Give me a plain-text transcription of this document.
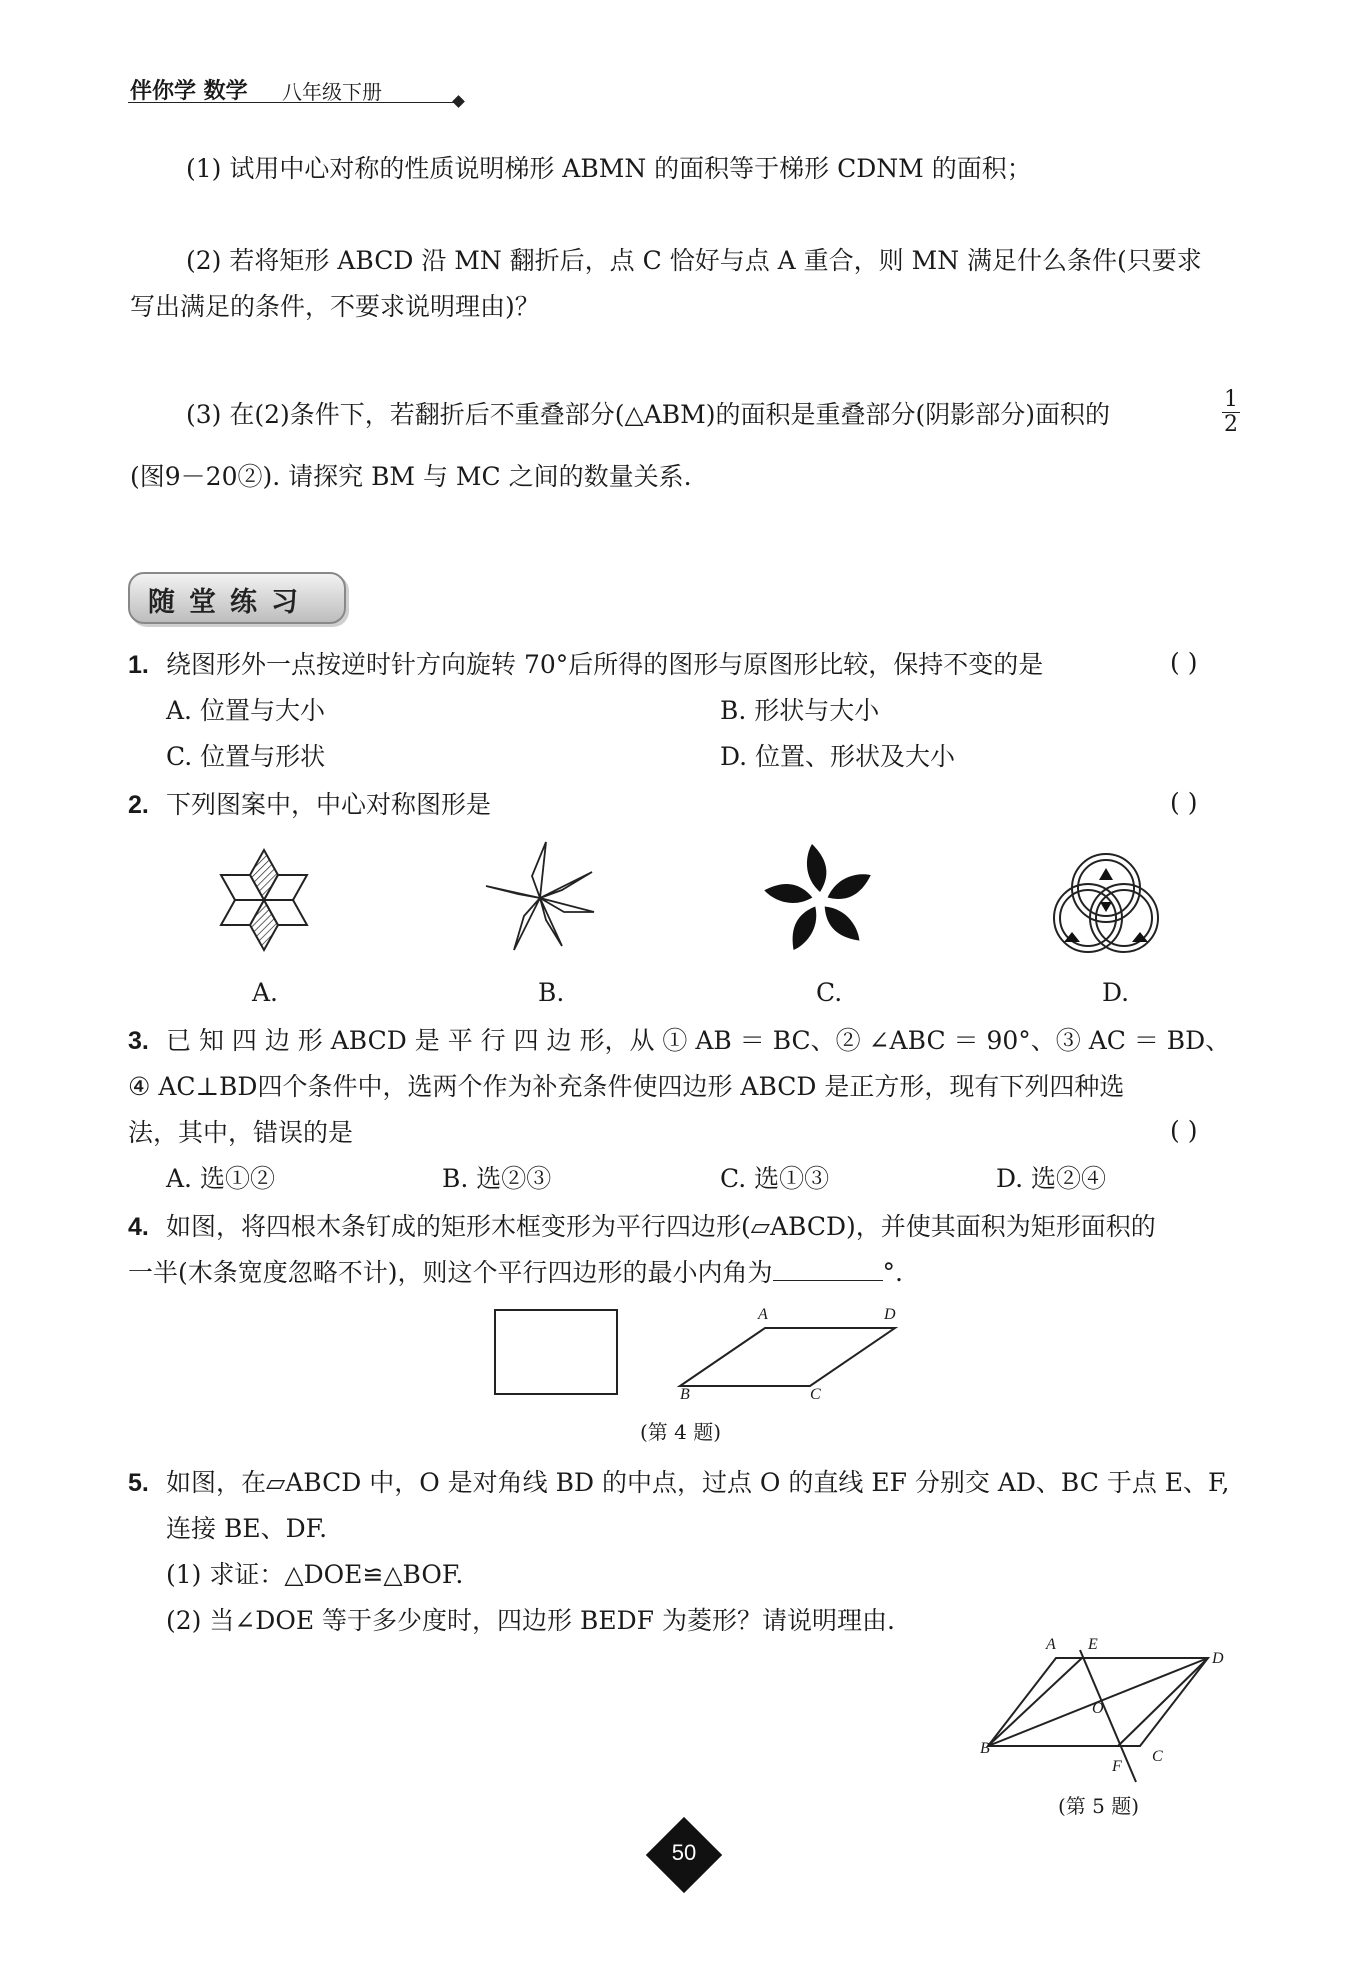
伴你学 数学 八年级下册
(1) 试用中心对称的性质说明梯形 ABMN 的面积等于梯形 CDNM 的面积；
(2) 若将矩形 ABCD 沿 MN 翻折后，点 C 恰好与点 A 重合，则 MN 满足什么条件(只要求
写出满足的条件，不要求说明理由)？
(3) 在(2)条件下，若翻折后不重叠部分(△ABM)的面积是重叠部分(阴影部分)面积的	$\frac{1}{2}$
(图9－20②). 请探究 BM 与 MC 之间的数量关系.
随堂练习
1. 绕图形外一点按逆时针方向旋转 70°后所得的图形与原图形比较，保持不变的是	( )
A. 位置与大小	B. 形状与大小
C. 位置与形状	D. 位置、形状及大小
2. 下列图案中，中心对称图形是	( )
A.	B.	C.	D.
3. 已 知 四 边 形 ABCD 是 平 行 四 边 形，从 ① AB ＝ BC、② ∠ABC ＝ 90°、③ AC ＝ BD、
④ AC⊥BD四个条件中，选两个作为补充条件使四边形 ABCD 是正方形，现有下列四种选
法，其中，错误的是	( )
A. 选①②	B. 选②③	C. 选①③	D. 选②④
4. 如图，将四根木条钉成的矩形木框变形为平行四边形(▱ABCD)，并使其面积为矩形面积的
一半(木条宽度忽略不计)，则这个平行四边形的最小内角为	°.
A	D
B	C
(第 4 题)
5. 如图，在▱ABCD 中，O 是对角线 BD 的中点，过点 O 的直线 EF 分别交 AD、BC 于点 E、F,
连接 BE、DF.
(1) 求证：△DOE≌△BOF.
(2) 当∠DOE 等于多少度时，四边形 BEDF 为菱形？请说明理由.
A E
D
O
B
F
C
(第 5 题)
50
